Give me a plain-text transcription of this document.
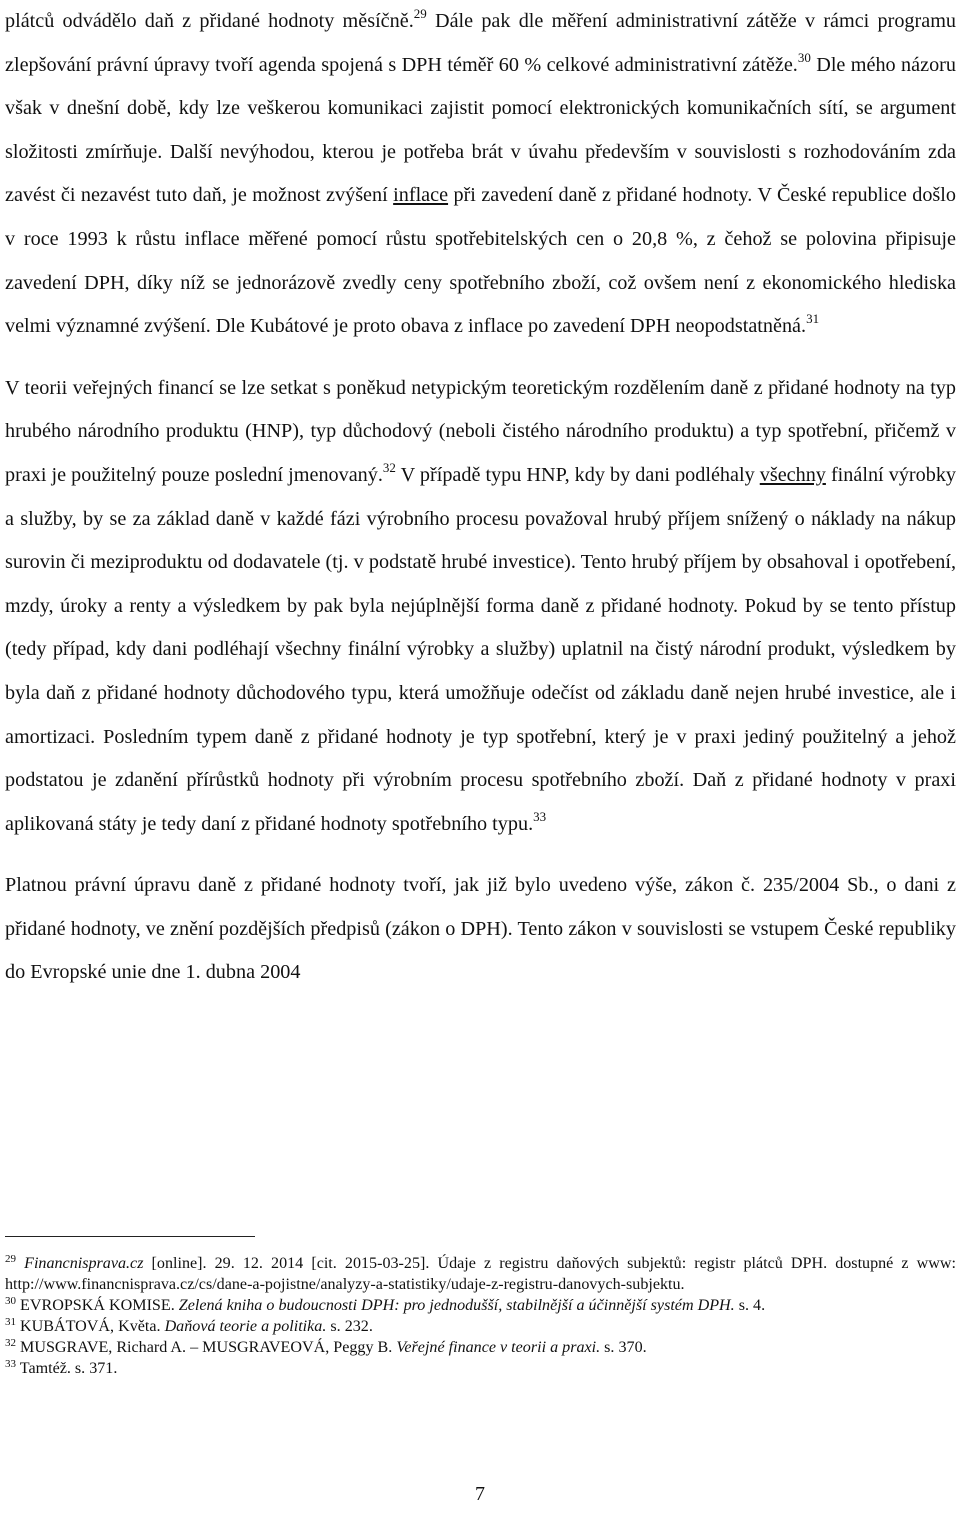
plátců odvádělo daň z přidané hodnoty měsíčně.$^{29}$ Dále pak dle měření administrativní zátěže v rámci programu zlepšování právní úpravy tvoří agenda spojená s DPH téměř 60 % celkové administrativní zátěže.$^{30}$ Dle mého názoru však v dnešní době, kdy lze veškerou komunikaci zajistit pomocí elektronických komunikačních sítí, se argument složitosti zmírňuje. Další nevýhodou, kterou je potřeba brát v úvahu především v souvislosti s rozhodováním zda zavést či nezavést tuto daň, je možnost zvýšení inflace při zavedení daně z přidané hodnoty. V České republice došlo v roce 1993 k růstu inflace měřené pomocí růstu spotřebitelských cen o 20,8 %, z čehož se polovina připisuje zavedení DPH, díky níž se jednorázově zvedly ceny spotřebního zboží, což ovšem není z ekonomického hlediska velmi významné zvýšení. Dle Kubátové je proto obava z inflace po zavedení DPH neopodstatněná.$^{31}$

V teorii veřejných financí se lze setkat s poněkud netypickým teoretickým rozdělením daně z přidané hodnoty na typ hrubého národního produktu (HNP), typ důchodový (neboli čistého národního produktu) a typ spotřební, přičemž v praxi je použitelný pouze poslední jmenovaný.$^{32}$ V případě typu HNP, kdy by dani podléhaly všechny finální výrobky a služby, by se za základ daně v každé fázi výrobního procesu považoval hrubý příjem snížený o náklady na nákup surovin či meziproduktu od dodavatele (tj. v podstatě hrubé investice). Tento hrubý příjem by obsahoval i opotřebení, mzdy, úroky a renty a výsledkem by pak byla nejúplnější forma daně z přidané hodnoty. Pokud by se tento přístup (tedy případ, kdy dani podléhají všechny finální výrobky a služby) uplatnil na čistý národní produkt, výsledkem by byla daň z přidané hodnoty důchodového typu, která umožňuje odečíst od základu daně nejen hrubé investice, ale i amortizaci. Posledním typem daně z přidané hodnoty je typ spotřební, který je v praxi jediný použitelný a jehož podstatou je zdanění přírůstků hodnoty při výrobním procesu spotřebního zboží. Daň z přidané hodnoty v praxi aplikovaná státy je tedy daní z přidané hodnoty spotřebního typu.$^{33}$

Platnou právní úpravu daně z přidané hodnoty tvoří, jak již bylo uvedeno výše, zákon č. 235/2004 Sb., o dani z přidané hodnoty, ve znění pozdějších předpisů (zákon o DPH). Tento zákon v souvislosti se vstupem České republiky do Evropské unie dne 1. dubna 2004

$^{29}$ Financnisprava.cz [online]. 29. 12. 2014 [cit. 2015-03-25]. Údaje z registru daňových subjektů: registr plátců DPH. dostupné z www: http://www.financnisprava.cz/cs/dane-a-pojistne/analyzy-a-statistiky/udaje-z-registru-danovych-subjektu.

$^{30}$ EVROPSKÁ KOMISE. Zelená kniha o budoucnosti DPH: pro jednodušší, stabilnější a účinnější systém DPH. s. 4.

$^{31}$ KUBÁTOVÁ, Květa. Daňová teorie a politika. s. 232.

$^{32}$ MUSGRAVE, Richard A. – MUSGRAVEOVÁ, Peggy B. Veřejné finance v teorii a praxi. s. 370.

$^{33}$ Tamtéž. s. 371.

7
